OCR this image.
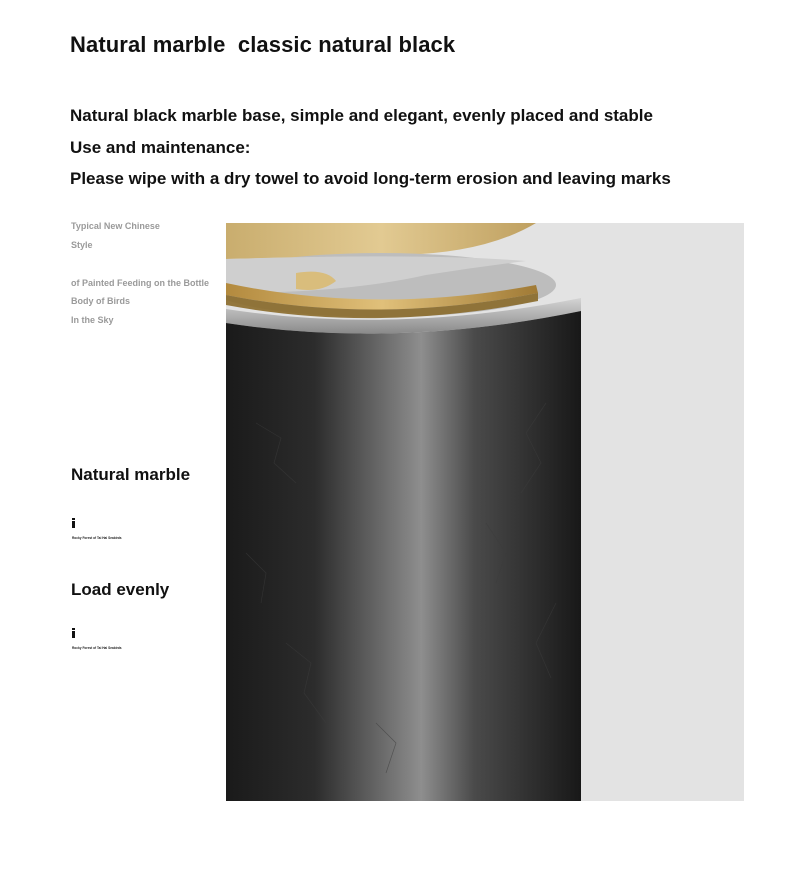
Natural marble  classic natural black

Natural black marble base, simple and elegant, evenly placed and stable

Use and maintenance:

Please wipe with a dry towel to avoid long-term erosion and leaving marks

Typical New Chinese
Style
of Painted Feeding on the Bottle
Body of Birds
In the Sky
Natural marble
Rocky Forest of Tai Hai Seabirds
Load evenly
Rocky Forest of Tai Hai Seabirds
